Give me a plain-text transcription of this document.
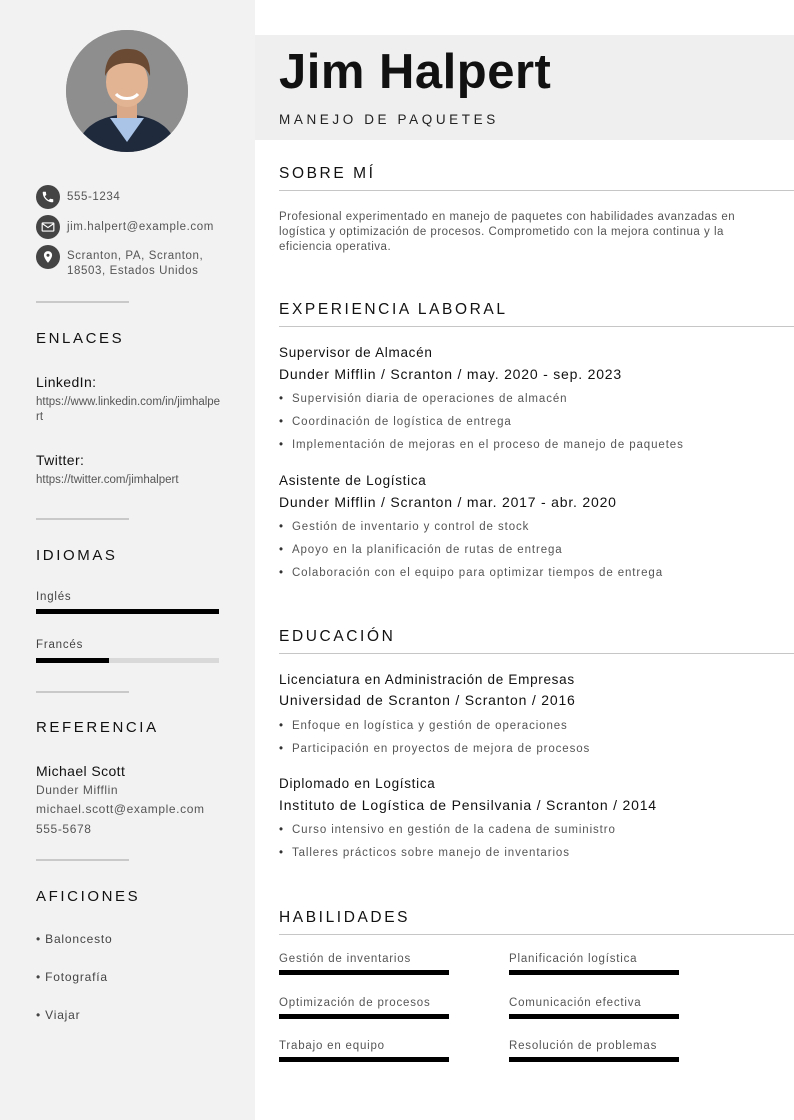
555-1234
jim.halpert@example.com
Scranton, PA, Scranton,
18503, Estados Unidos
ENLACES
LinkedIn:
https://www.linkedin.com/in/jimhalpert
Twitter:
https://twitter.com/jimhalpert
IDIOMAS
Inglés
Francés
REFERENCIA
Michael Scott
Dunder Mifflin
michael.scott@example.com
555-5678
AFICIONES
• Baloncesto
• Fotografía
• Viajar
Jim Halpert
MANEJO DE PAQUETES
SOBRE MÍ
Profesional experimentado en manejo de paquetes con habilidades avanzadas en logística y optimización de procesos. Comprometido con la mejora continua y la eficiencia operativa.
EXPERIENCIA LABORAL
Supervisor de Almacén
Dunder Mifflin / Scranton / may. 2020 - sep. 2023
• Supervisión diaria de operaciones de almacén
• Coordinación de logística de entrega
• Implementación de mejoras en el proceso de manejo de paquetes
Asistente de Logística
Dunder Mifflin / Scranton / mar. 2017 - abr. 2020
• Gestión de inventario y control de stock
• Apoyo en la planificación de rutas de entrega
• Colaboración con el equipo para optimizar tiempos de entrega
EDUCACIÓN
Licenciatura en Administración de Empresas
Universidad de Scranton / Scranton / 2016
• Enfoque en logística y gestión de operaciones
• Participación en proyectos de mejora de procesos
Diplomado en Logística
Instituto de Logística de Pensilvania / Scranton / 2014
• Curso intensivo en gestión de la cadena de suministro
• Talleres prácticos sobre manejo de inventarios
HABILIDADES
Gestión de inventarios	Planificación logística
Optimización de procesos	Comunicación efectiva
Trabajo en equipo	Resolución de problemas
